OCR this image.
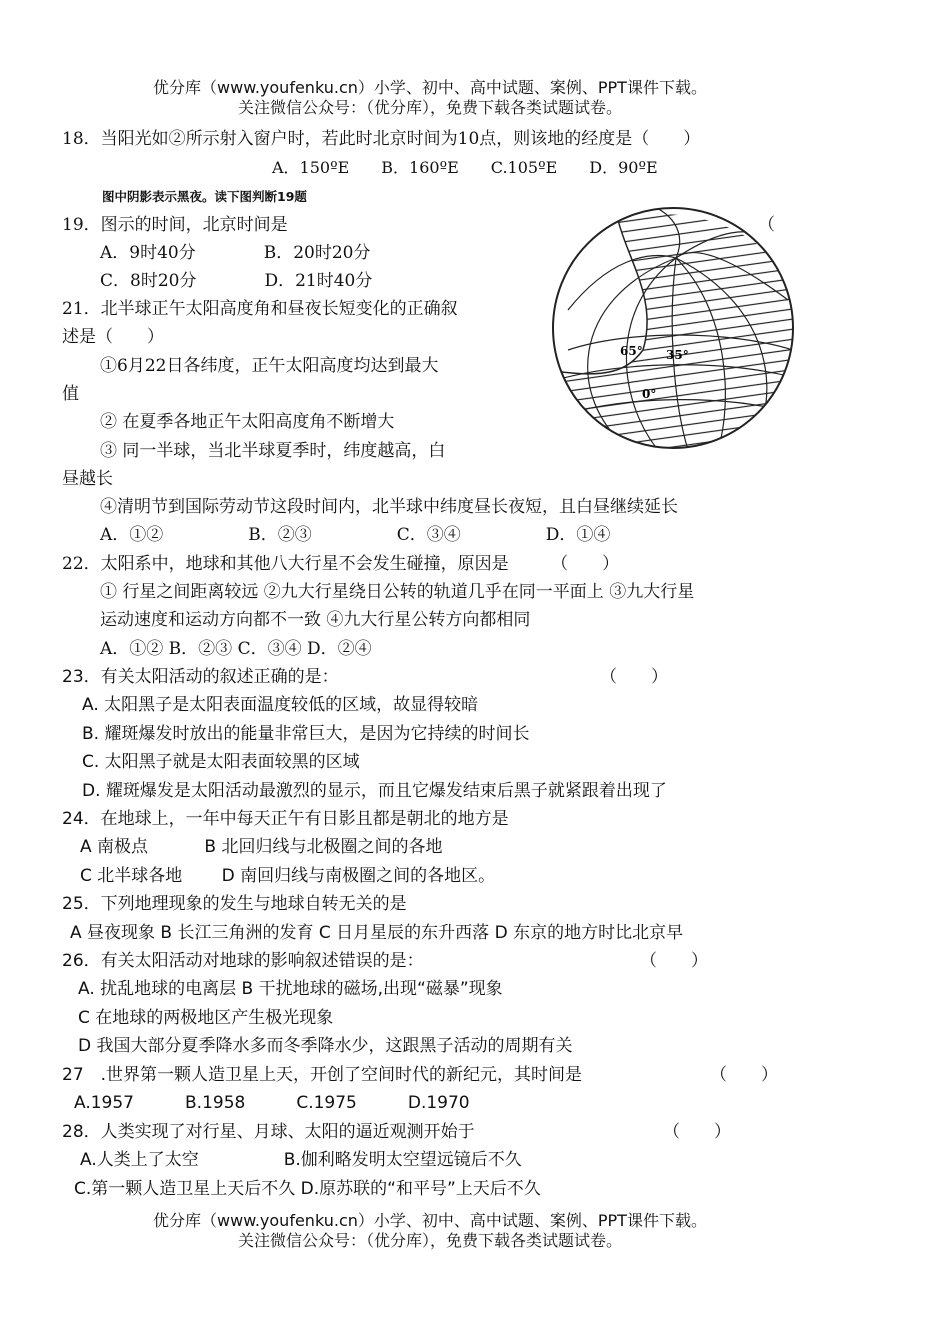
优分库（www.youfenku.cn）小学、初中、高中试题、案例、PPT课件下载。
关注微信公众号：（优分库），免费下载各类试题试卷。
18．当阳光如②所示射入窗户时，若此时北京时间为10点，则该地的经度是（　　）
A．150ºE　　B．160ºE　　C.105ºE　　D．90ºE
图中阴影表示黑夜。读下图判断19题
19．图示的时间，北京时间是	（
A．9时40分　　　　B．20时20分
C．8时20分　　　　D．21时40分
65° 35°
0°
21．北半球正午太阳高度角和昼夜长短变化的正确叙
述是（　　）
①6月22日各纬度，正午太阳高度均达到最大
值
② 在夏季各地正午太阳高度角不断增大
③ 同一半球，当北半球夏季时，纬度越高，白
昼越长
④清明节到国际劳动节这段时间内，北半球中纬度昼长夜短，且白昼继续延长
A．①②　　　　　B．②③　　　　　C．③④　　　　　D．①④
22．太阳系中，地球和其他八大行星不会发生碰撞，原因是　　　（　　）
① 行星之间距离较远 ②九大行星绕日公转的轨道几乎在同一平面上 ③九大行星
运动速度和运动方向都不一致 ④九大行星公转方向都相同
A．①② B．②③ C．③④ D．②④
23．有关太阳活动的叙述正确的是：	（　　）
A. 太阳黑子是太阳表面温度较低的区域，故显得较暗
B. 耀斑爆发时放出的能量非常巨大，是因为它持续的时间长
C. 太阳黑子就是太阳表面较黑的区域
D. 耀斑爆发是太阳活动最激烈的显示，而且它爆发结束后黑子就紧跟着出现了
24．在地球上，一年中每天正午有日影且都是朝北的地方是
A 南极点　　　 B 北回归线与北极圈之间的各地
C 北半球各地　　 D 南回归线与南极圈之间的各地区。
25．下列地理现象的发生与地球自转无关的是
A 昼夜现象 B 长江三角洲的发育 C 日月星辰的东升西落 D 东京的地方时比北京早
26．有关太阳活动对地球的影响叙述错误的是：	（　　）
A. 扰乱地球的电离层 B 干扰地球的磁场,出现“磁暴”现象
C 在地球的两极地区产生极光现象
D 我国大部分夏季降水多而冬季降水少，这跟黑子活动的周期有关
27　.世界第一颗人造卫星上天，开创了空间时代的新纪元，其时间是	（　　）
A.1957　　　B.1958　　　C.1975　　　D.1970
28．人类实现了对行星、月球、太阳的逼近观测开始于	（　　）
A.人类上了太空　　　　　B.伽利略发明太空望远镜后不久
C.第一颗人造卫星上天后不久 D.原苏联的“和平号”上天后不久
优分库（www.youfenku.cn）小学、初中、高中试题、案例、PPT课件下载。
关注微信公众号：（优分库），免费下载各类试题试卷。
